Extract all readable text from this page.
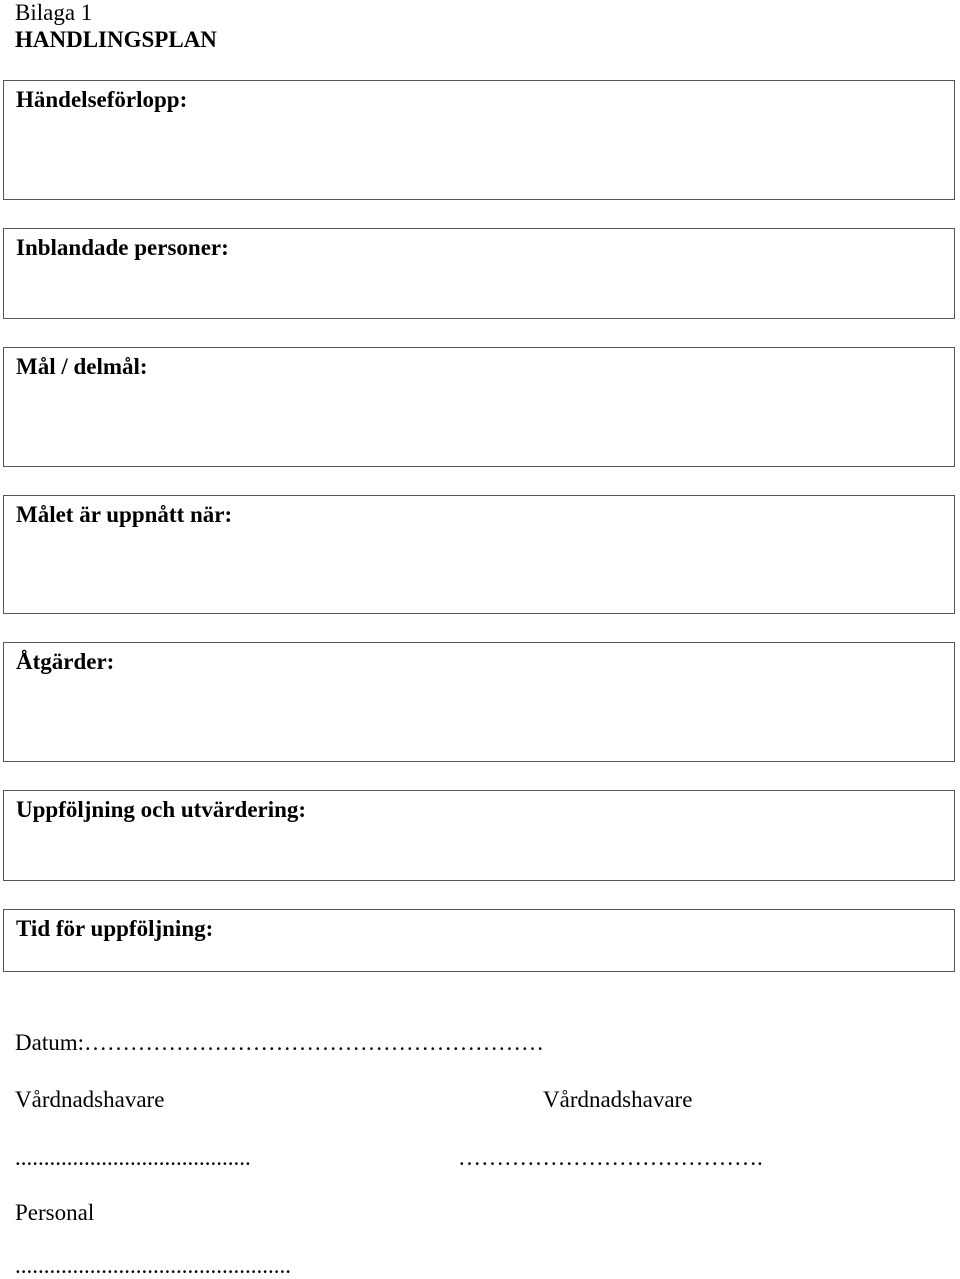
Bilaga 1
HANDLINGSPLAN
Händelseförlopp:
Inblandade personer:
Mål / delmål:
Målet är uppnått när:
Åtgärder:
Uppföljning och utvärdering:
Tid för uppföljning:
Datum:……………………………………………………
Vårdnadshavare	Vårdnadshavare
.........................................	………………………………….
Personal
................................................
